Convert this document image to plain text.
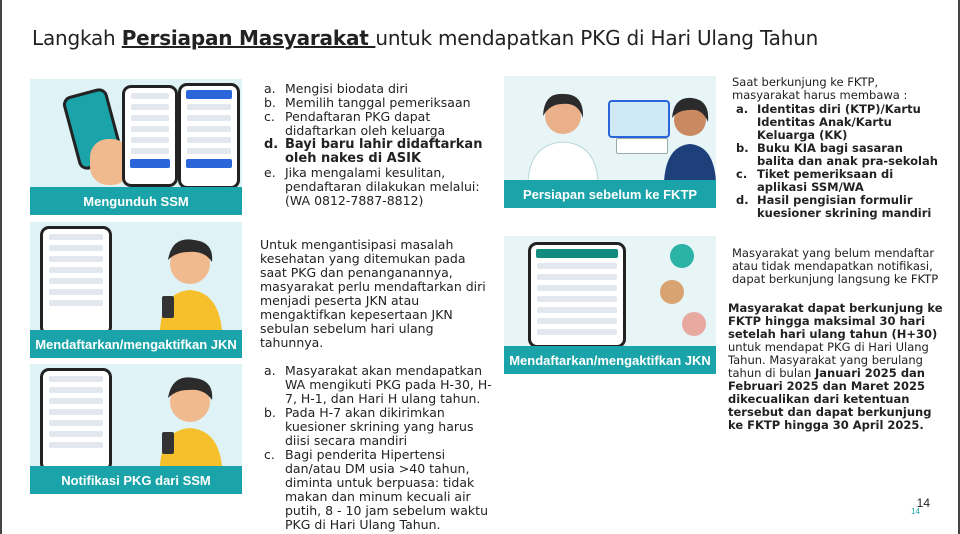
Langkah Persiapan Masyarakat untuk mendapatkan PKG di Hari Ulang Tahun
Mengunduh SSM
Mendaftarkan/mengaktifkan JKN
Notifikasi PKG dari SSM
Persiapan sebelum ke FKTP
Mendaftarkan/mengaktifkan JKN
a. Mengisi biodata diri
b. Memilih tanggal pemeriksaan
c. Pendaftaran PKG dapat didaftarkan oleh keluarga
d. Bayi baru lahir didaftarkan oleh nakes di ASIK
e. Jika mengalami kesulitan, pendaftaran dilakukan melalui:
(WA 0812-7887-8812)
Untuk mengantisipasi masalah kesehatan yang ditemukan pada saat PKG dan penanganannya, masyarakat perlu mendaftarkan diri menjadi peserta JKN atau mengaktifkan kepesertaan JKN sebulan sebelum hari ulang tahunnya.
a. Masyarakat akan mendapatkan WA mengikuti PKG pada H-30, H-7, H-1, dan Hari H ulang tahun.
b. Pada H-7 akan dikirimkan kuesioner skrining yang harus diisi secara mandiri
c. Bagi penderita Hipertensi dan/atau DM usia >40 tahun, diminta untuk berpuasa: tidak makan dan minum kecuali air putih, 8 - 10 jam sebelum waktu PKG di Hari Ulang Tahun.
Saat berkunjung ke FKTP, masyarakat harus membawa :
a. Identitas diri (KTP)/Kartu Identitas Anak/Kartu Keluarga (KK)
b. Buku KIA bagi sasaran balita dan anak pra-sekolah
c. Tiket pemeriksaan di aplikasi SSM/WA
d. Hasil pengisian formulir kuesioner skrining mandiri
Masyarakat yang belum mendaftar atau tidak mendapatkan notifikasi, dapat berkunjung langsung ke FKTP
Masyarakat dapat berkunjung ke FKTP hingga maksimal 30 hari setelah hari ulang tahun (H+30) untuk mendapat PKG di Hari Ulang Tahun. Masyarakat yang berulang tahun di bulan Januari 2025 dan Februari 2025 dan Maret 2025 dikecualikan dari ketentuan tersebut dan dapat berkunjung ke FKTP hingga 30 April 2025.
14
14
